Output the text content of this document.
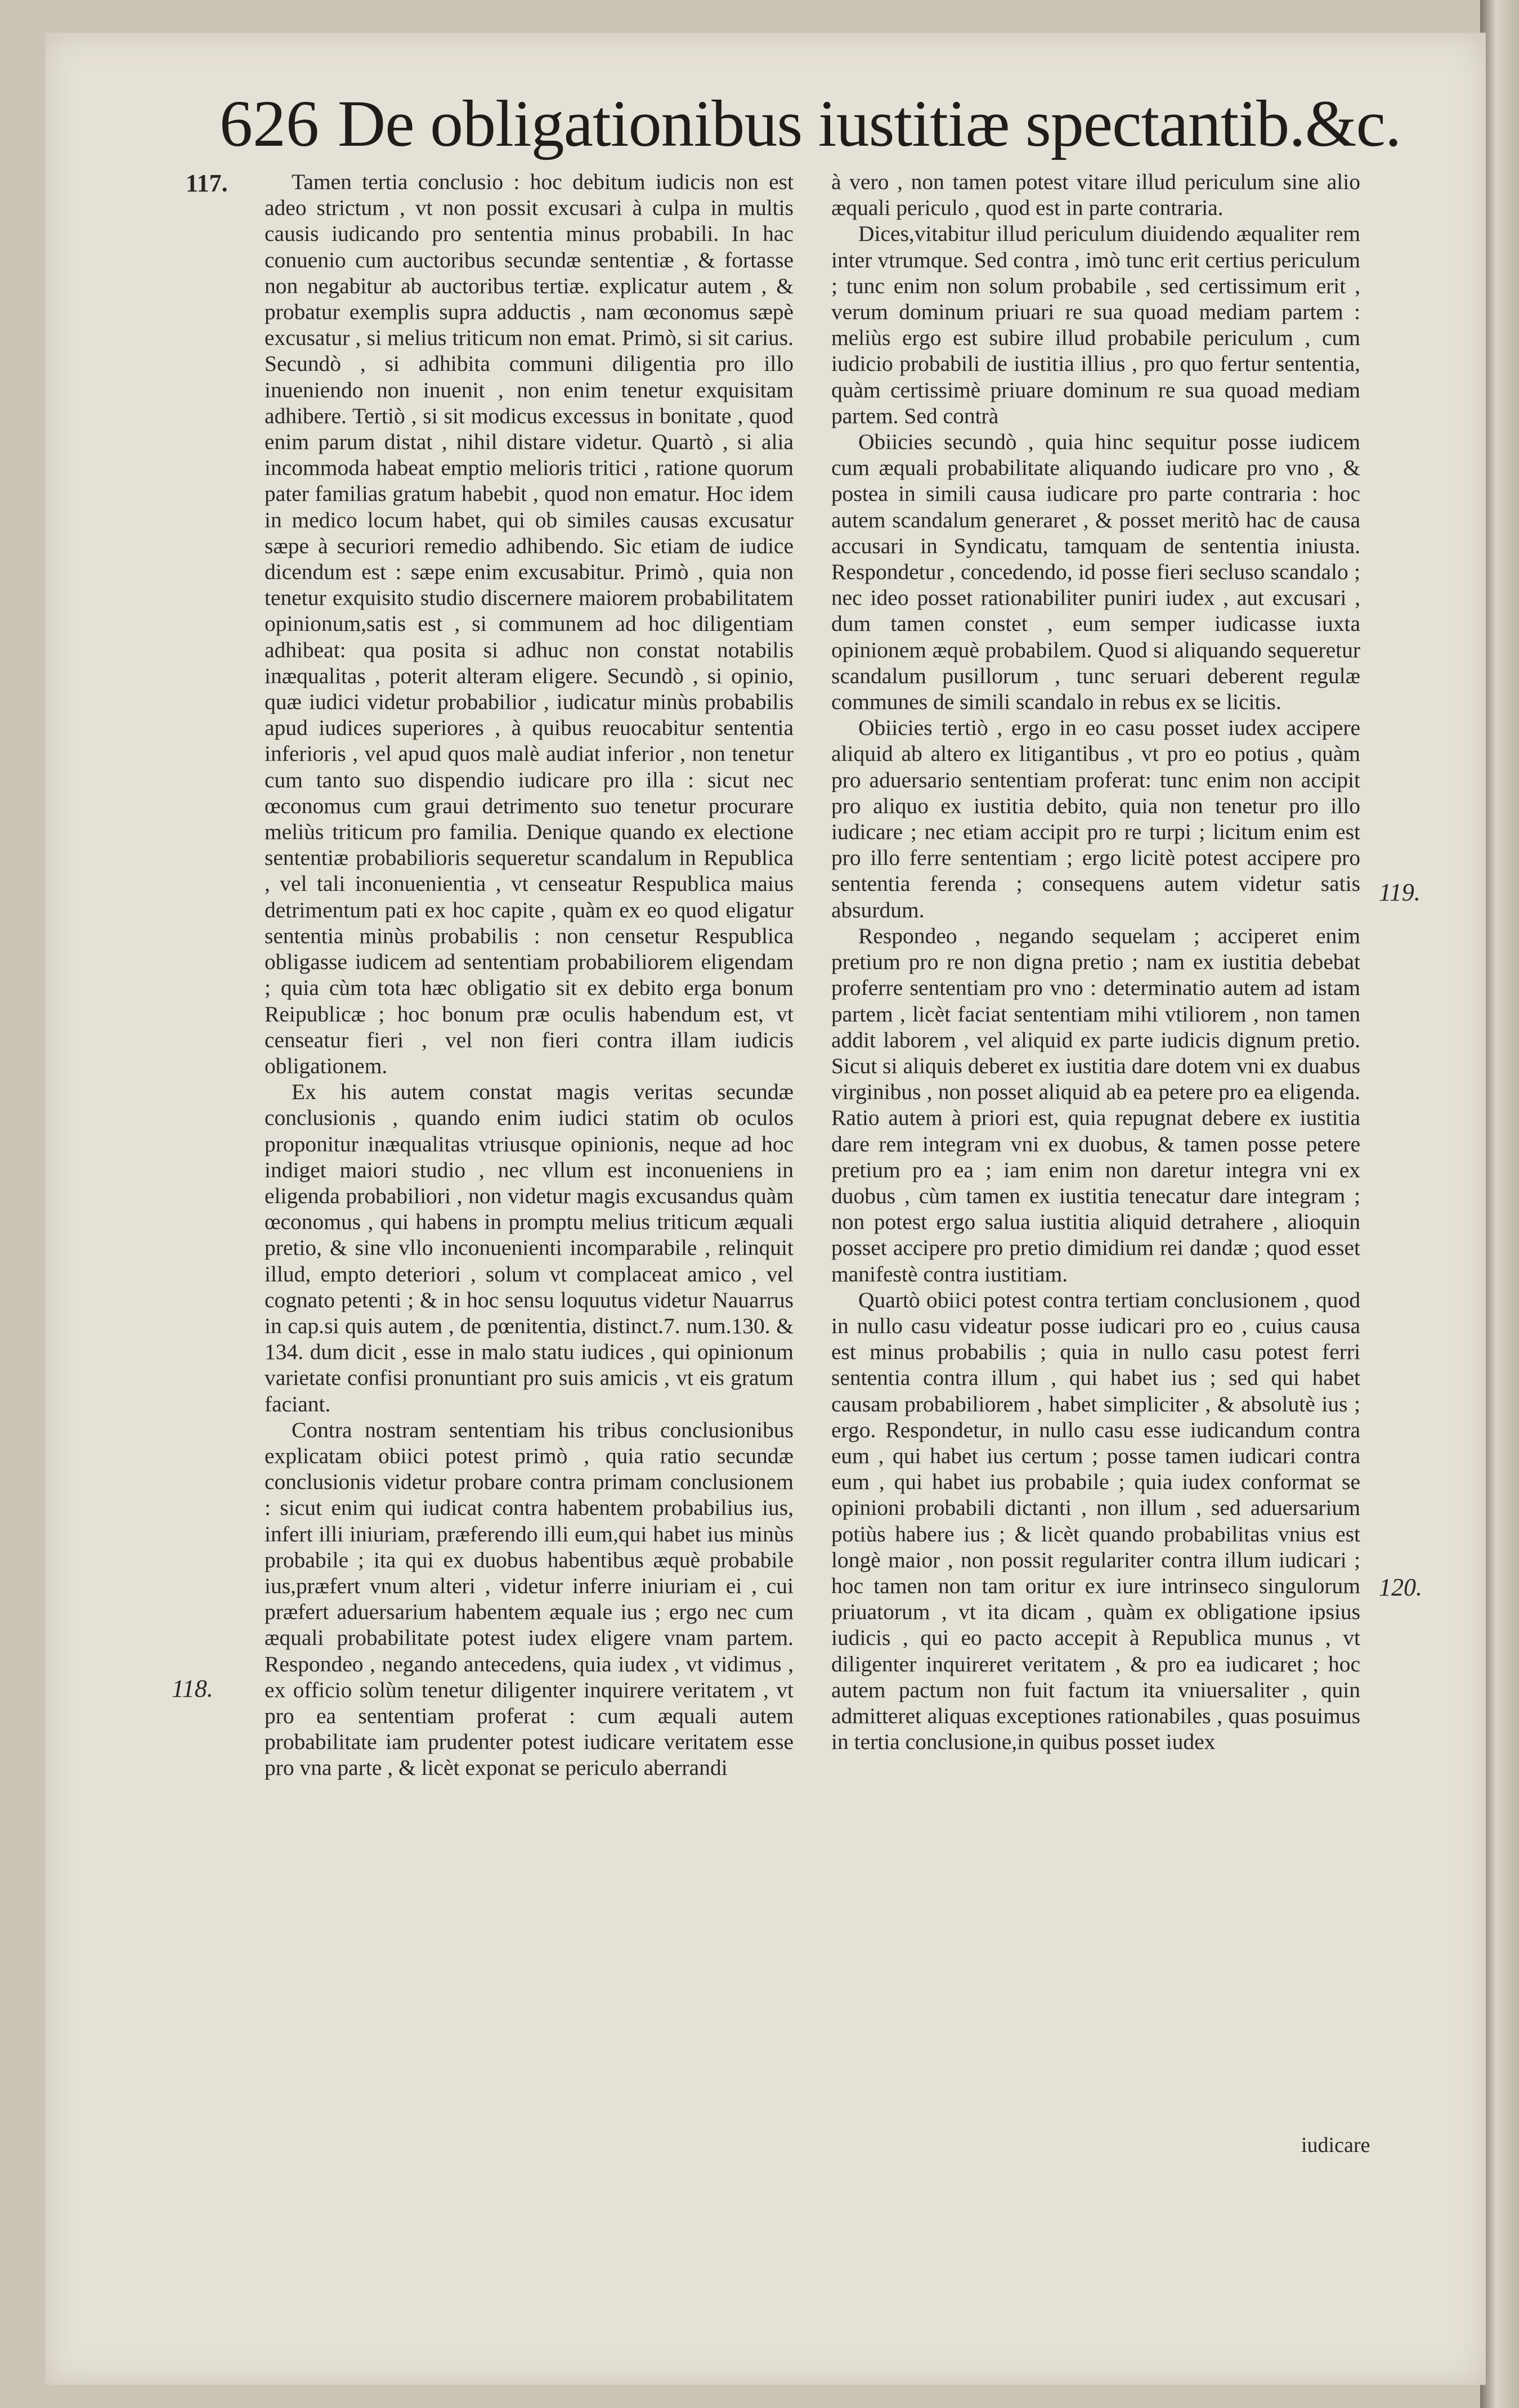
626 De obligationibus iustitiæ spectantib.&c.
117.
118.
119.
120.

Tamen tertia conclusio : hoc debitum iudicis non est adeo strictum , vt non possit excusari à culpa in multis causis iudicando pro sententia minus probabili. In hac conuenio cum auctoribus secundæ sententiæ , & fortasse non negabitur ab auctoribus tertiæ. explicatur autem , & probatur exemplis supra adductis , nam œconomus sæpè excusatur , si melius triticum non emat. Primò, si sit carius. Secundò , si adhibita communi diligentia pro illo inueniendo non inuenit , non enim tenetur exquisitam adhibere. Tertiò , si sit modicus excessus in bonitate , quod enim parum distat , nihil distare videtur. Quartò , si alia incommoda habeat emptio melioris tritici , ratione quorum pater familias gratum habebit , quod non ematur. Hoc idem in medico locum habet, qui ob similes causas excusatur sæpe à securiori remedio adhibendo. Sic etiam de iudice dicendum est : sæpe enim excusabitur. Primò , quia non tenetur exquisito studio discernere maiorem probabilitatem opinionum,satis est , si communem ad hoc diligentiam adhibeat: qua posita si adhuc non constat notabilis inæqualitas , poterit alteram eligere. Secundò , si opinio, quæ iudici videtur probabilior , iudicatur minùs probabilis apud iudices superiores , à quibus reuocabitur sententia inferioris , vel apud quos malè audiat inferior , non tenetur cum tanto suo dispendio iudicare pro illa : sicut nec œconomus cum graui detrimento suo tenetur procurare meliùs triticum pro familia. Denique quando ex electione sententiæ probabilioris sequeretur scandalum in Republica , vel tali inconuenientia , vt censeatur Respublica maius detrimentum pati ex hoc capite , quàm ex eo quod eligatur sententia minùs probabilis : non censetur Respublica obligasse iudicem ad sententiam probabiliorem eligendam ; quia cùm tota hæc obligatio sit ex debito erga bonum Reipublicæ ; hoc bonum præ oculis habendum est, vt censeatur fieri , vel non fieri contra illam iudicis obligationem.

Ex his autem constat magis veritas secundæ conclusionis , quando enim iudici statim ob oculos proponitur inæqualitas vtriusque opinionis, neque ad hoc indiget maiori studio , nec vllum est inconueniens in eligenda probabiliori , non videtur magis excusandus quàm œconomus , qui habens in promptu melius triticum æquali pretio, & sine vllo inconuenienti incomparabile , relinquit illud, empto deteriori , solum vt complaceat amico , vel cognato petenti ; & in hoc sensu loquutus videtur Nauarrus in cap.si quis autem , de pœnitentia, distinct.7. num.130. & 134. dum dicit , esse in malo statu iudices , qui opinionum varietate confisi pronuntiant pro suis amicis , vt eis gratum faciant.

Contra nostram sententiam his tribus conclusionibus explicatam obiici potest primò , quia ratio secundæ conclusionis videtur probare contra primam conclusionem : sicut enim qui iudicat contra habentem probabilius ius, infert illi iniuriam, præferendo illi eum,qui habet ius minùs probabile ; ita qui ex duobus habentibus æquè probabile ius,præfert vnum alteri , videtur inferre iniuriam ei , cui præfert aduersarium habentem æquale ius ; ergo nec cum æquali probabilitate potest iudex eligere vnam partem. Respondeo , negando antecedens, quia iudex , vt vidimus , ex officio solùm tenetur diligenter inquirere veritatem , vt pro ea sententiam proferat : cum æquali autem probabilitate iam prudenter potest iudicare veritatem esse pro vna parte , & licèt exponat se periculo aberrandi

à vero , non tamen potest vitare illud periculum sine alio æquali periculo , quod est in parte contraria.

Dices,vitabitur illud periculum diuidendo æqualiter rem inter vtrumque. Sed contra , imò tunc erit certius periculum ; tunc enim non solum probabile , sed certissimum erit , verum dominum priuari re sua quoad mediam partem : meliùs ergo est subire illud probabile periculum , cum iudicio probabili de iustitia illius , pro quo fertur sententia, quàm certissimè priuare dominum re sua quoad mediam partem. Sed contrà

Obiicies secundò , quia hinc sequitur posse iudicem cum æquali probabilitate aliquando iudicare pro vno , & postea in simili causa iudicare pro parte contraria : hoc autem scandalum generaret , & posset meritò hac de causa accusari in Syndicatu, tamquam de sententia iniusta. Respondetur , concedendo, id posse fieri secluso scandalo ; nec ideo posset rationabiliter puniri iudex , aut excusari , dum tamen constet , eum semper iudicasse iuxta opinionem æquè probabilem. Quod si aliquando sequeretur scandalum pusillorum , tunc seruari deberent regulæ communes de simili scandalo in rebus ex se licitis.

Obiicies tertiò , ergo in eo casu posset iudex accipere aliquid ab altero ex litigantibus , vt pro eo potius , quàm pro aduersario sententiam proferat: tunc enim non accipit pro aliquo ex iustitia debito, quia non tenetur pro illo iudicare ; nec etiam accipit pro re turpi ; licitum enim est pro illo ferre sententiam ; ergo licitè potest accipere pro sententia ferenda ; consequens autem videtur satis absurdum.

Respondeo , negando sequelam ; acciperet enim pretium pro re non digna pretio ; nam ex iustitia debebat proferre sententiam pro vno : determinatio autem ad istam partem , licèt faciat sententiam mihi vtiliorem , non tamen addit laborem , vel aliquid ex parte iudicis dignum pretio. Sicut si aliquis deberet ex iustitia dare dotem vni ex duabus virginibus , non posset aliquid ab ea petere pro ea eligenda. Ratio autem à priori est, quia repugnat debere ex iustitia dare rem integram vni ex duobus, & tamen posse petere pretium pro ea ; iam enim non daretur integra vni ex duobus , cùm tamen ex iustitia tenecatur dare integram ; non potest ergo salua iustitia aliquid detrahere , alioquin posset accipere pro pretio dimidium rei dandæ ; quod esset manifestè contra iustitiam.

Quartò obiici potest contra tertiam conclusionem , quod in nullo casu videatur posse iudicari pro eo , cuius causa est minus probabilis ; quia in nullo casu potest ferri sententia contra illum , qui habet ius ; sed qui habet causam probabiliorem , habet simpliciter , & absolutè ius ; ergo. Respondetur, in nullo casu esse iudicandum contra eum , qui habet ius certum ; posse tamen iudicari contra eum , qui habet ius probabile ; quia iudex conformat se opinioni probabili dictanti , non illum , sed aduersarium potiùs habere ius ; & licèt quando probabilitas vnius est longè maior , non possit regulariter contra illum iudicari ; hoc tamen non tam oritur ex iure intrinseco singulorum priuatorum , vt ita dicam , quàm ex obligatione ipsius iudicis , qui eo pacto accepit à Republica munus , vt diligenter inquireret veritatem , & pro ea iudicaret ; hoc autem pactum non fuit factum ita vniuersaliter , quin admitteret aliquas exceptiones rationabiles , quas posuimus in tertia conclusione,in quibus posset iudex

iudicare
